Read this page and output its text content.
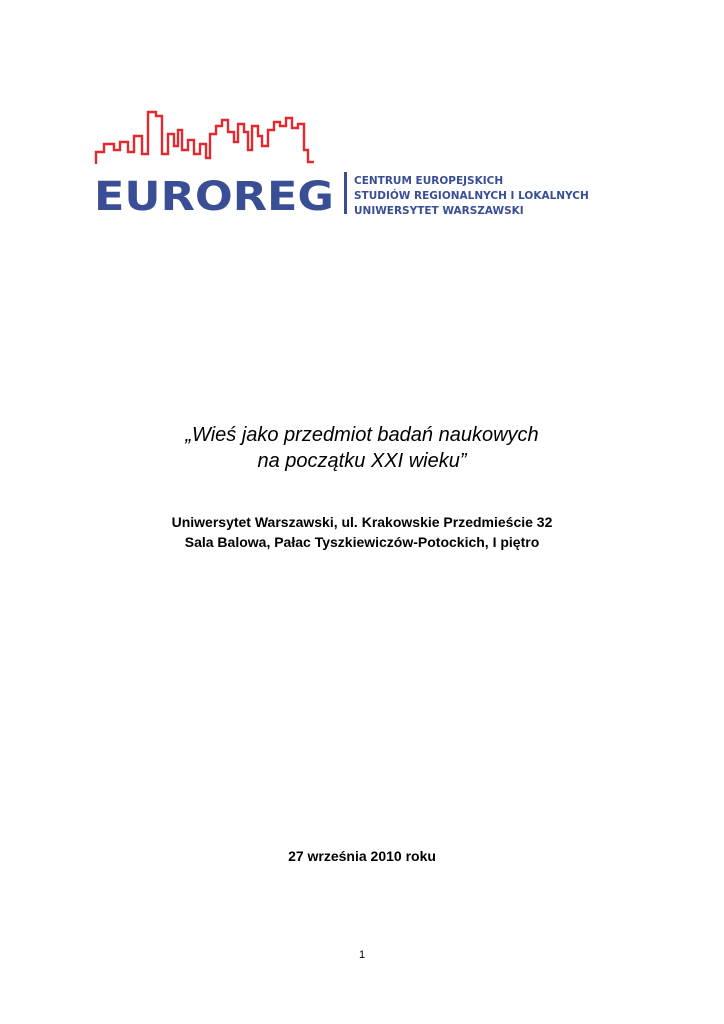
EUROREG CENTRUM EUROPEJSKICH
STUDIÓW REGIONALNYCH I LOKALNYCH
UNIWERSYTET WARSZAWSKI
„Wieś jako przedmiot badań naukowych
na początku XXI wieku”
Uniwersytet Warszawski, ul. Krakowskie Przedmieście 32
Sala Balowa, Pałac Tyszkiewiczów-Potockich, I piętro
27 września 2010 roku
1
